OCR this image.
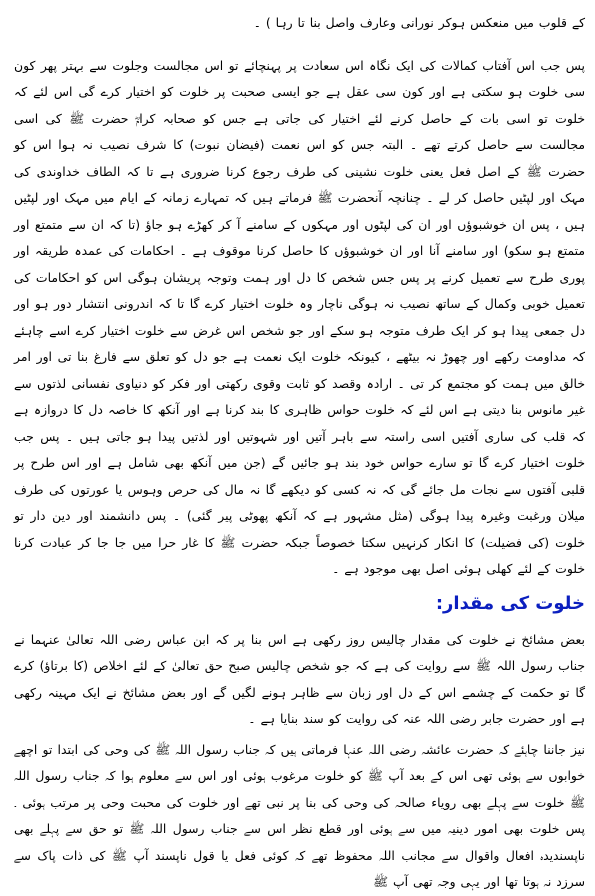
کے قلوب میں منعکس ہوکر نورانی وعارف واصل بنا تا رہا ) ۔

پس جب اس آفتاب کمالات کی ایک نگاہ اس سعادت پر پہنچائے تو اس مجالست وجلوت سے بہتر پھر کون سی خلوت ہو سکتی ہے اور کون سی عقل ہے جو ایسی صحبت پر خلوت کو اختیار کرے گی اس لئے کہ خلوت تو اسی بات کے حاصل کرنے لئے اختیار کی جاتی ہے جس کو صحابہ کرامؓ حضرت ﷺ کی اسی مجالست سے حاصل کرتے تھے ۔ البتہ جس کو اس نعمت (فیضان نبوت) کا شرف نصیب نہ ہوا اس کو حضرت ﷺ کے اصل فعل یعنی خلوت نشینی کی طرف رجوع کرنا ضروری ہے تا کہ الطاف خداوندی کی مہک اور لپٹیں حاصل کر لے ۔ چنانچہ آنحضرت ﷺ فرماتے ہیں کہ تمہارے زمانہ کے ایام میں مہک اور لپٹیں ہیں ، پس ان خوشبوؤں اور ان کی لپٹوں اور مہکوں کے سامنے آ کر کھڑے ہو جاؤ (تا کہ ان سے متمتع اور متمتع ہو سکو) اور سامنے آنا اور ان خوشبوؤں کا حاصل کرنا موقوف ہے ۔ احکامات کی عمدہ طریقہ اور پوری طرح سے تعمیل کرنے پر پس جس شخص کا دل اور ہمت وتوجہ پریشان ہوگی اس کو احکامات کی تعمیل خوبی وکمال کے ساتھ نصیب نہ ہوگی ناچار وہ خلوت اختیار کرے گا تا کہ اندرونی انتشار دور ہو اور دل جمعی پیدا ہو کر ایک طرف متوجہ ہو سکے اور جو شخص اس غرض سے خلوت اختیار کرے اسے چاہئے کہ مداومت رکھے اور چھوڑ نہ بیٹھے ، کیونکہ خلوت ایک نعمت ہے جو دل کو تعلق سے فارغ بنا تی اور امر خالق میں ہمت کو مجتمع کر تی ۔ ارادہ وقصد کو ثابت وقوی رکھتی اور فکر کو دنیاوی نفسانی لذتوں سے غیر مانوس بنا دیتی ہے اس لئے کہ خلوت حواس ظاہری کا بند کرنا ہے اور آنکھ کا خاصہ دل کا دروازہ ہے کہ قلب کی ساری آفتیں اسی راستہ سے باہر آتیں اور شہوتیں اور لذتیں پیدا ہو جاتی ہیں ۔ پس جب خلوت اختیار کرے گا تو سارے حواس خود بند ہو جائیں گے (جن میں آنکھ بھی شامل ہے اور اس طرح پر قلبی آفتوں سے نجات مل جائے گی کہ نہ کسی کو دیکھے گا نہ مال کی حرص وہوس یا عورتوں کی طرف میلان ورغبت وغیرہ پیدا ہوگی (مثل مشہور ہے کہ آنکھ پھوٹی پیر گئی) ۔ پس دانشمند اور دین دار تو خلوت (کی فضیلت) کا انکار کرنہیں سکتا خصوصاً جبکہ حضرت ﷺ کا غار حرا میں جا جا کر عبادت کرنا خلوت کے لئے کھلی ہوئی اصل بھی موجود ہے ۔

خلوت کی مقدار:

بعض مشائخ نے خلوت کی مقدار چالیس روز رکھی ہے اس بنا پر کہ ابن عباس رضی اللہ تعالیٰ عنہما نے جناب رسول اللہ ﷺ سے روایت کی ہے کہ جو شخص چالیس صبح حق تعالیٰ کے لئے اخلاص (کا برتاؤ) کرے گا تو حکمت کے چشمے اس کے دل اور زبان سے ظاہر ہونے لگیں گے اور بعض مشائخ نے ایک مہینہ رکھی ہے اور حضرت جابر رضی اللہ عنہ کی روایت کو سند بنایا ہے ۔

نیز جاننا چاہئے کہ حضرت عائشہ رضی اللہ عنہا فرماتی ہیں کہ جناب رسول اللہ ﷺ کی وحی کی ابتدا تو اچھے خوابوں سے ہوئی تھی اس کے بعد آپ ﷺ کو خلوت مرغوب ہوئی اور اس سے معلوم ہوا کہ جناب رسول اللہ ﷺ خلوت سے پہلے بھی رویاء صالحہ کی وحی کی بنا پر نبی تھے اور خلوت کی محبت وحی پر مرتب ہوئی ۔ پس خلوت بھی امور دینیہ میں سے ہوئی اور قطع نظر اس سے جناب رسول اللہ ﷺ تو حق سے پہلے بھی ناپسندیدہ افعال واقوال سے مجانب اللہ محفوظ تھے کہ کوئی فعل یا قول ناپسند آپ ﷺ کی ذات پاک سے سرزد نہ ہوتا تھا اور یہی وجہ تھی آپ ﷺ
